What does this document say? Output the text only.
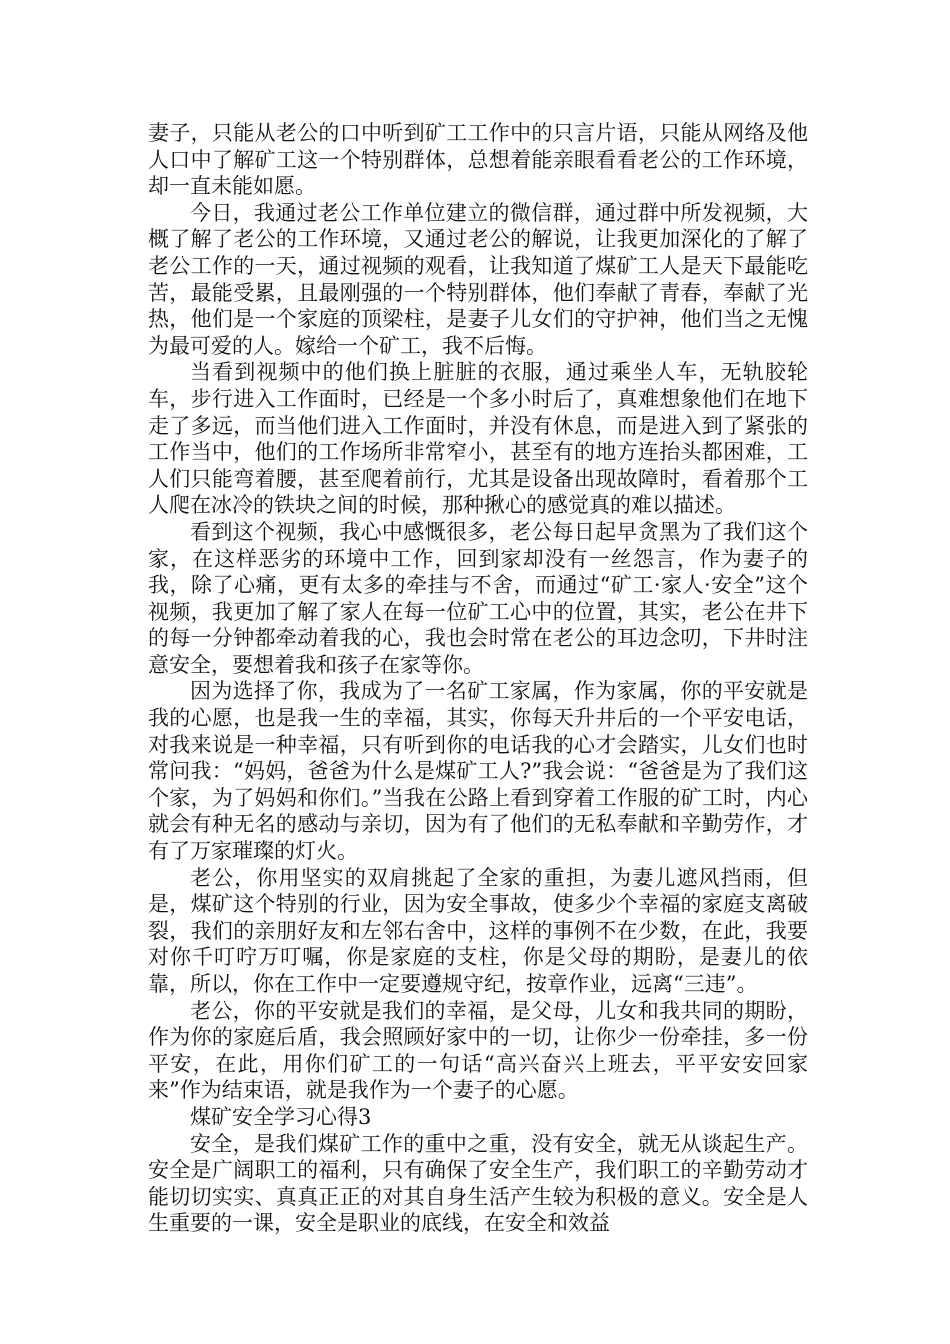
妻子，只能从老公的口中听到矿工工作中的只言片语，只能从网络及他人口中了解矿工这一个特别群体，总想着能亲眼看看老公的工作环境，却一直未能如愿。

今日，我通过老公工作单位建立的微信群，通过群中所发视频，大概了解了老公的工作环境，又通过老公的解说，让我更加深化的了解了老公工作的一天，通过视频的观看，让我知道了煤矿工人是天下最能吃苦，最能受累，且最刚强的一个特别群体，他们奉献了青春，奉献了光热，他们是一个家庭的顶梁柱，是妻子儿女们的守护神，他们当之无愧为最可爱的人。嫁给一个矿工，我不后悔。

当看到视频中的他们换上脏脏的衣服，通过乘坐人车，无轨胶轮车，步行进入工作面时，已经是一个多小时后了，真难想象他们在地下走了多远，而当他们进入工作面时，并没有休息，而是进入到了紧张的工作当中，他们的工作场所非常窄小，甚至有的地方连抬头都困难，工人们只能弯着腰，甚至爬着前行，尤其是设备出现故障时，看着那个工人爬在冰冷的铁块之间的时候，那种揪心的感觉真的难以描述。

看到这个视频，我心中感慨很多，老公每日起早贪黑为了我们这个家，在这样恶劣的环境中工作，回到家却没有一丝怨言，作为妻子的我，除了心痛，更有太多的牵挂与不舍，而通过“矿工·家人·安全”这个视频，我更加了解了家人在每一位矿工心中的位置，其实，老公在井下的每一分钟都牵动着我的心，我也会时常在老公的耳边念叨，下井时注意安全，要想着我和孩子在家等你。

因为选择了你，我成为了一名矿工家属，作为家属，你的平安就是我的心愿，也是我一生的幸福，其实，你每天升井后的一个平安电话，对我来说是一种幸福，只有听到你的电话我的心才会踏实，儿女们也时常问我：“妈妈，爸爸为什么是煤矿工人?”我会说：“爸爸是为了我们这个家，为了妈妈和你们。”当我在公路上看到穿着工作服的矿工时，内心就会有种无名的感动与亲切，因为有了他们的无私奉献和辛勤劳作，才有了万家璀璨的灯火。

老公，你用坚实的双肩挑起了全家的重担，为妻儿遮风挡雨，但是，煤矿这个特别的行业，因为安全事故，使多少个幸福的家庭支离破裂，我们的亲朋好友和左邻右舍中，这样的事例不在少数，在此，我要对你千叮咛万叮嘱，你是家庭的支柱，你是父母的期盼，是妻儿的依靠，所以，你在工作中一定要遵规守纪，按章作业，远离“三违”。

老公，你的平安就是我们的幸福，是父母，儿女和我共同的期盼，作为你的家庭后盾，我会照顾好家中的一切，让你少一份牵挂，多一份平安，在此，用你们矿工的一句话“高兴奋兴上班去，平平安安回家来”作为结束语，就是我作为一个妻子的心愿。

煤矿安全学习心得3

安全，是我们煤矿工作的重中之重，没有安全，就无从谈起生产。安全是广阔职工的福利，只有确保了安全生产，我们职工的辛勤劳动才能切切实实、真真正正的对其自身生活产生较为积极的意义。安全是人生重要的一课，安全是职业的底线，在安全和效益
